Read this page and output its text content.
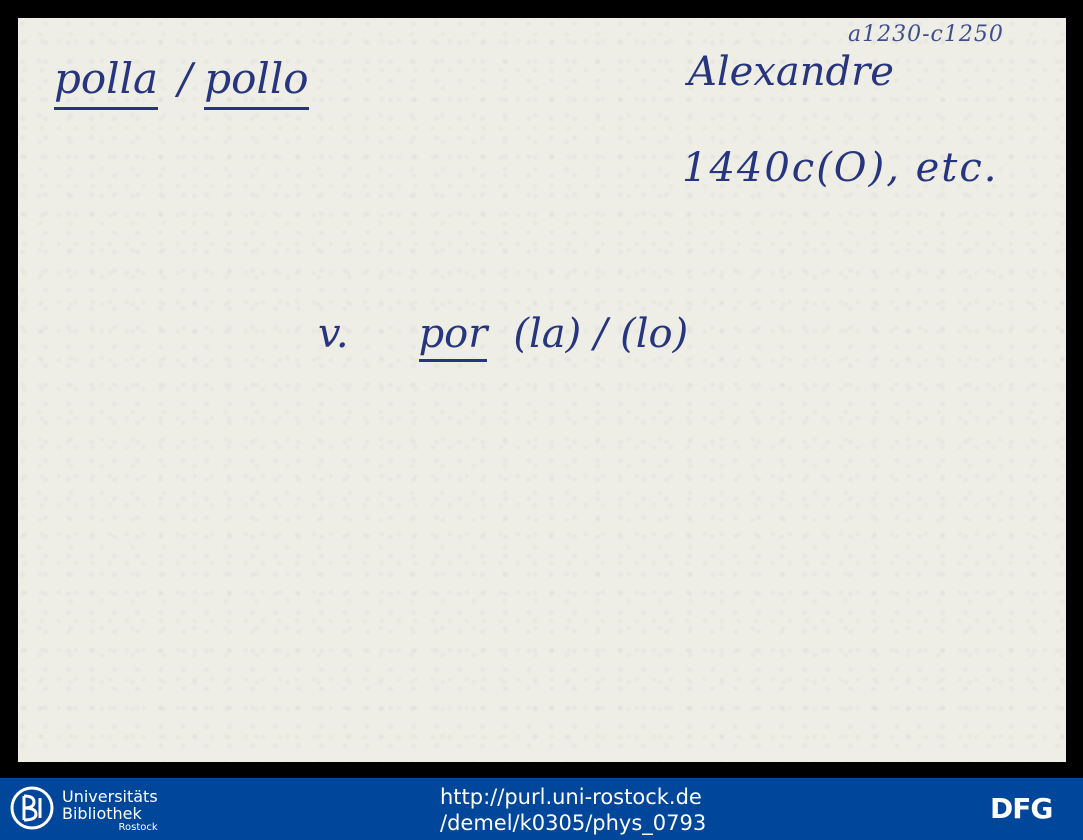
polla / pollo
a1230-c1250
Alexandre
1440c(O), etc.
v. por (la) / (lo)
Universitäts
Bibliothek
Rostock
http://purl.uni-rostock.de
/demel/k0305/phys_0793	DFG
